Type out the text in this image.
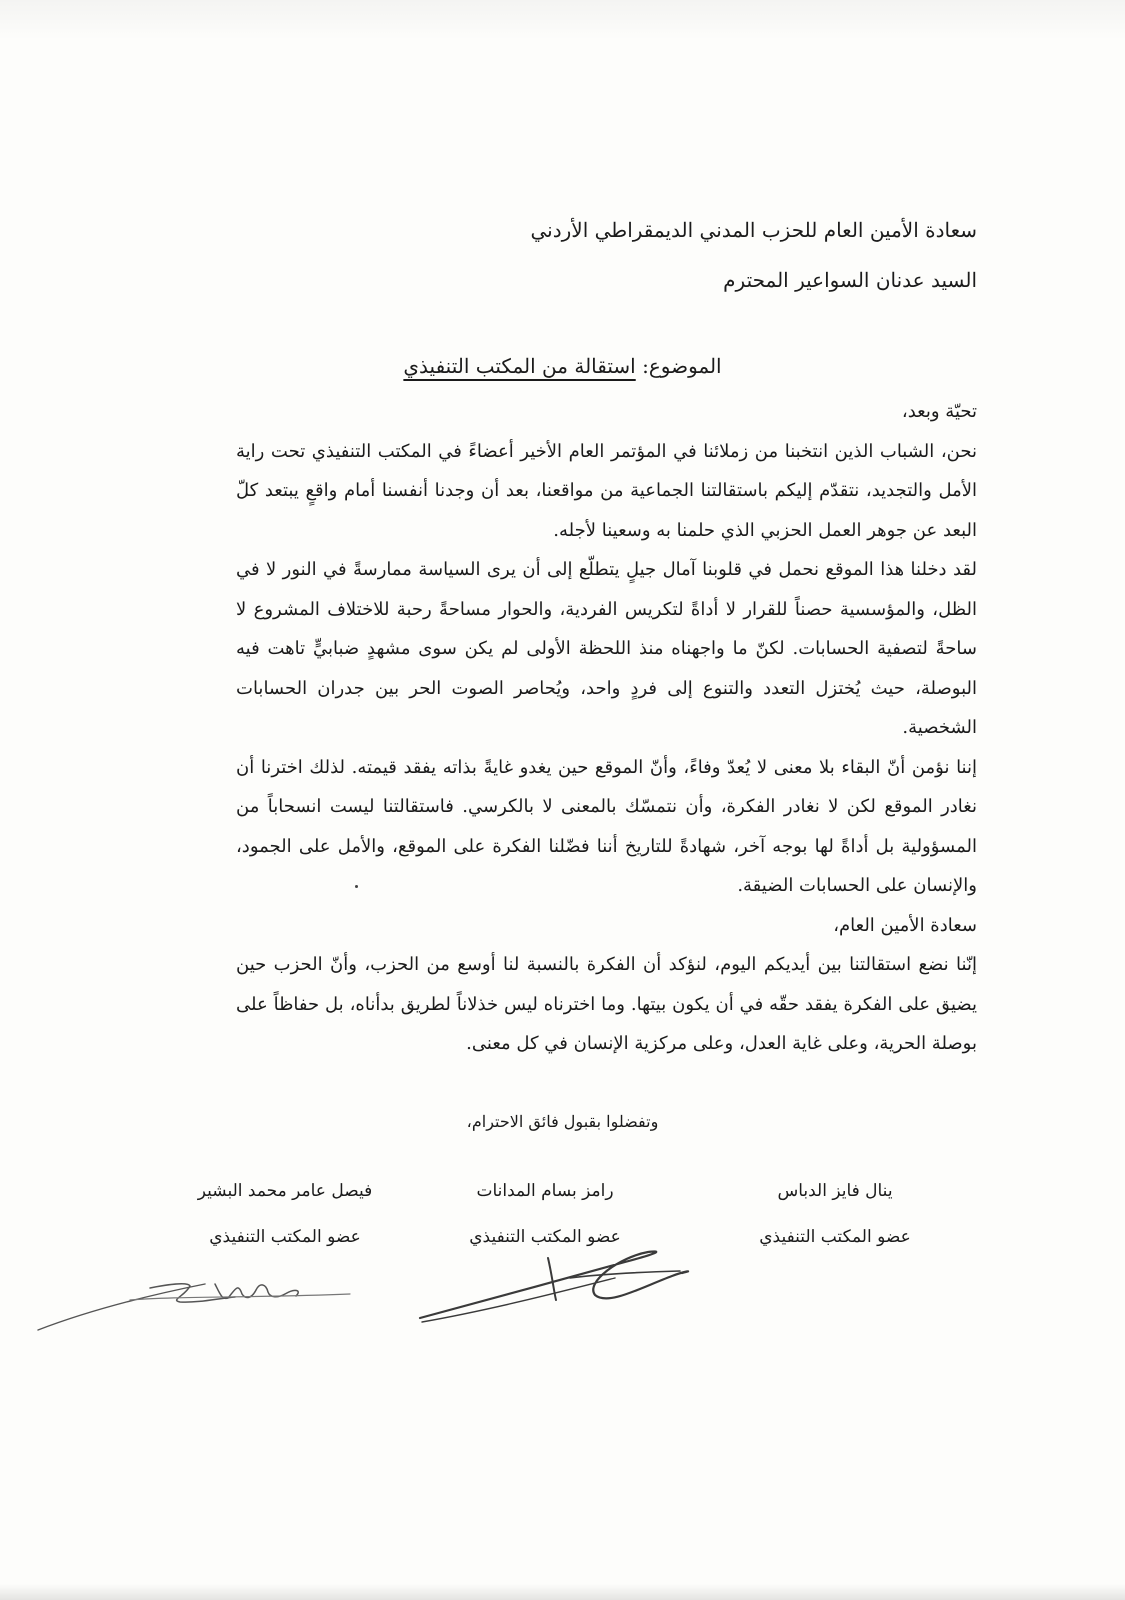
سعادة الأمين العام للحزب المدني الديمقراطي الأردني
السيد عدنان السواعير المحترم
الموضوع: استقالة من المكتب التنفيذي

تحيّة وبعد،

نحن، الشباب الذين انتخبنا من زملائنا في المؤتمر العام الأخير أعضاءً في المكتب التنفيذي تحت راية الأمل والتجديد، نتقدّم إليكم باستقالتنا الجماعية من مواقعنا، بعد أن وجدنا أنفسنا أمام واقعٍ يبتعد كلّ البعد عن جوهر العمل الحزبي الذي حلمنا به وسعينا لأجله.

لقد دخلنا هذا الموقع نحمل في قلوبنا آمال جيلٍ يتطلّع إلى أن يرى السياسة ممارسةً في النور لا في الظل، والمؤسسية حصناً للقرار لا أداةً لتكريس الفردية، والحوار مساحةً رحبة للاختلاف المشروع لا ساحةً لتصفية الحسابات. لكنّ ما واجهناه منذ اللحظة الأولى لم يكن سوى مشهدٍ ضبابيٍّ تاهت فيه البوصلة، حيث يُختزل التعدد والتنوع إلى فردٍ واحد، ويُحاصر الصوت الحر بين جدران الحسابات الشخصية.

إننا نؤمن أنّ البقاء بلا معنى لا يُعدّ وفاءً، وأنّ الموقع حين يغدو غايةً بذاته يفقد قيمته. لذلك اخترنا أن نغادر الموقع لكن لا نغادر الفكرة، وأن نتمسّك بالمعنى لا بالكرسي. فاستقالتنا ليست انسحاباً من المسؤولية بل أداةً لها بوجه آخر، شهادةً للتاريخ أننا فضّلنا الفكرة على الموقع، والأمل على الجمود، والإنسان على الحسابات الضيقة.

سعادة الأمين العام،

إنّنا نضع استقالتنا بين أيديكم اليوم، لنؤكد أن الفكرة بالنسبة لنا أوسع من الحزب، وأنّ الحزب حين يضيق على الفكرة يفقد حقّه في أن يكون بيتها. وما اخترناه ليس خذلاناً لطريق بدأناه، بل حفاظاً على بوصلة الحرية، وعلى غاية العدل، وعلى مركزية الإنسان في كل معنى.

وتفضلوا بقبول فائق الاحترام،
ينال فايز الدباس
عضو المكتب التنفيذي
رامز بسام المدانات
عضو المكتب التنفيذي
فيصل عامر محمد البشير
عضو المكتب التنفيذي
